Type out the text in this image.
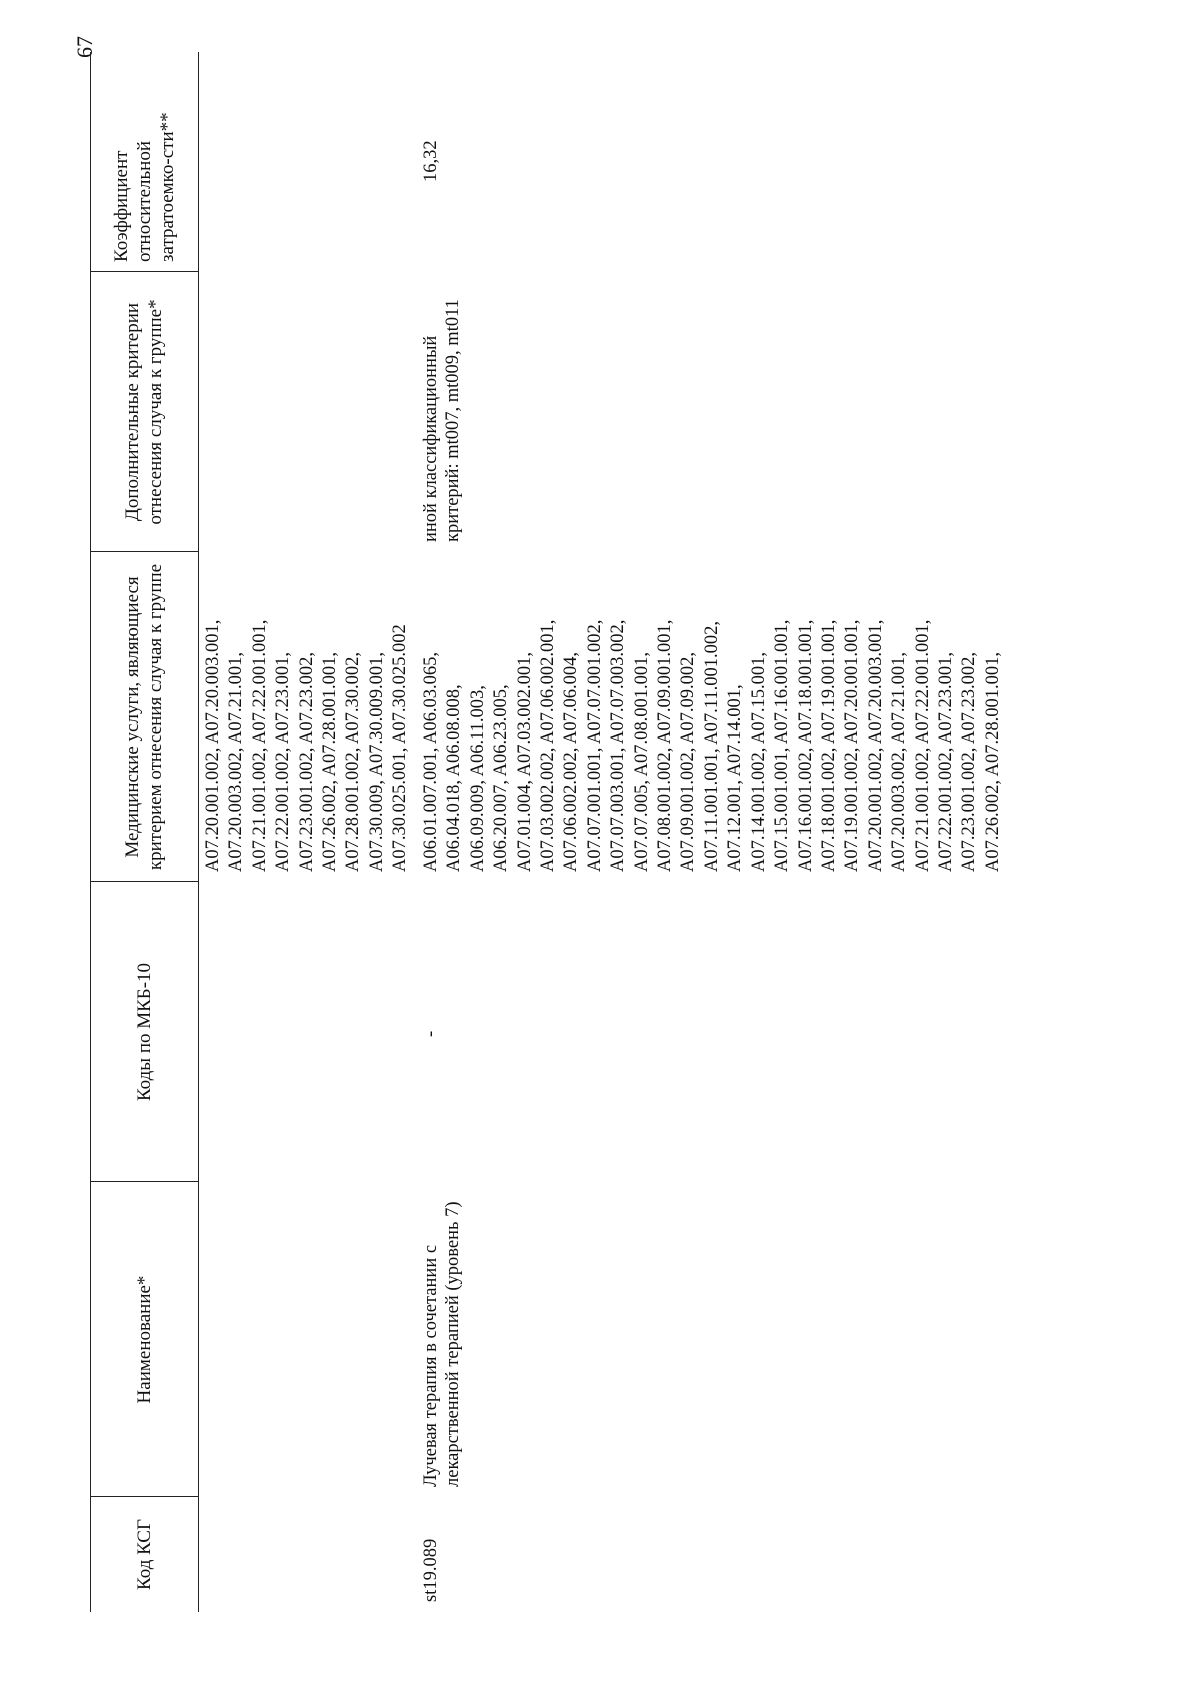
67
Код КСГ
Наименование*
Коды по МКБ-10
Медицинские услуги, являющиеся критерием отнесения случая к группе
Дополнительные критерии отнесения случая к группе*
Коэффициент относительной затратоемко-сти**
A07.20.001.002, A07.20.003.001, A07.20.003.002, A07.21.001, A07.21.001.002, A07.22.001.001, A07.22.001.002, A07.23.001, A07.23.001.002, A07.23.002, A07.26.002, A07.28.001.001, A07.28.001.002, A07.30.002, A07.30.009, A07.30.009.001, A07.30.025.001, A07.30.025.002
st19.089
Лучевая терапия в сочетании с лекарственной терапией (уровень 7)
-
A06.01.007.001, A06.03.065, A06.04.018, A06.08.008, A06.09.009, A06.11.003, A06.20.007, A06.23.005, A07.01.004, A07.03.002.001, A07.03.002.002, A07.06.002.001, A07.06.002.002, A07.06.004, A07.07.001.001, A07.07.001.002, A07.07.003.001, A07.07.003.002, A07.07.005, A07.08.001.001, A07.08.001.002, A07.09.001.001, A07.09.001.002, A07.09.002, A07.11.001.001, A07.11.001.002, A07.12.001, A07.14.001, A07.14.001.002, A07.15.001, A07.15.001.001, A07.16.001.001, A07.16.001.002, A07.18.001.001, A07.18.001.002, A07.19.001.001, A07.19.001.002, A07.20.001.001, A07.20.001.002, A07.20.003.001, A07.20.003.002, A07.21.001, A07.21.001.002, A07.22.001.001, A07.22.001.002, A07.23.001, A07.23.001.002, A07.23.002, A07.26.002, A07.28.001.001,
иной классификационный критерий: mt007, mt009, mt011
16,32
